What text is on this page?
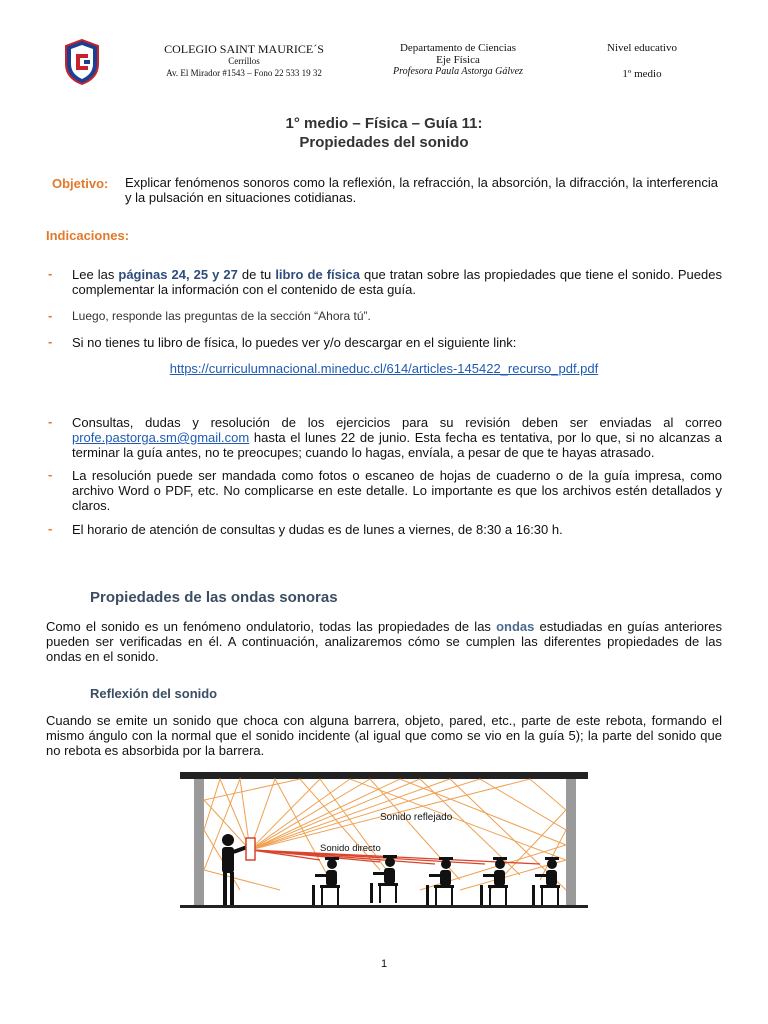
COLEGIO SAINT MAURICE´S
Cerrillos
Av. El Mirador #1543 – Fono 22 533 19 32
Departamento de Ciencias
Eje Física
Profesora Paula Astorga Gálvez
Nivel educativo
1º medio
1° medio – Física – Guía 11:
Propiedades del sonido
Objetivo: Explicar fenómenos sonoros como la reflexión, la refracción, la absorción, la difracción, la interferencia y la pulsación en situaciones cotidianas.
Indicaciones:
- Lee las páginas 24, 25 y 27 de tu libro de física que tratan sobre las propiedades que tiene el sonido. Puedes complementar la información con el contenido de esta guía.
- Luego, responde las preguntas de la sección “Ahora tú”.
- Si no tienes tu libro de física, lo puedes ver y/o descargar en el siguiente link:
https://curriculumnacional.mineduc.cl/614/articles-145422_recurso_pdf.pdf
- Consultas, dudas y resolución de los ejercicios para su revisión deben ser enviadas al correo profe.pastorga.sm@gmail.com hasta el lunes 22 de junio. Esta fecha es tentativa, por lo que, si no alcanzas a terminar la guía antes, no te preocupes; cuando lo hagas, envíala, a pesar de que te hayas atrasado.
- La resolución puede ser mandada como fotos o escaneo de hojas de cuaderno o de la guía impresa, como archivo Word o PDF, etc. No complicarse en este detalle. Lo importante es que los archivos estén detallados y claros.
- El horario de atención de consultas y dudas es de lunes a viernes, de 8:30 a 16:30 h.
Propiedades de las ondas sonoras
Como el sonido es un fenómeno ondulatorio, todas las propiedades de las ondas estudiadas en guías anteriores pueden ser verificadas en él. A continuación, analizaremos cómo se cumplen las diferentes propiedades de las ondas en el sonido.
Reflexión del sonido
Cuando se emite un sonido que choca con alguna barrera, objeto, pared, etc., parte de este rebota, formando el mismo ángulo con la normal que el sonido incidente (al igual que como se vio en la guía 5); la parte del sonido que no rebota es absorbida por la barrera.
Sonido reflejado
Sonido directo
1
